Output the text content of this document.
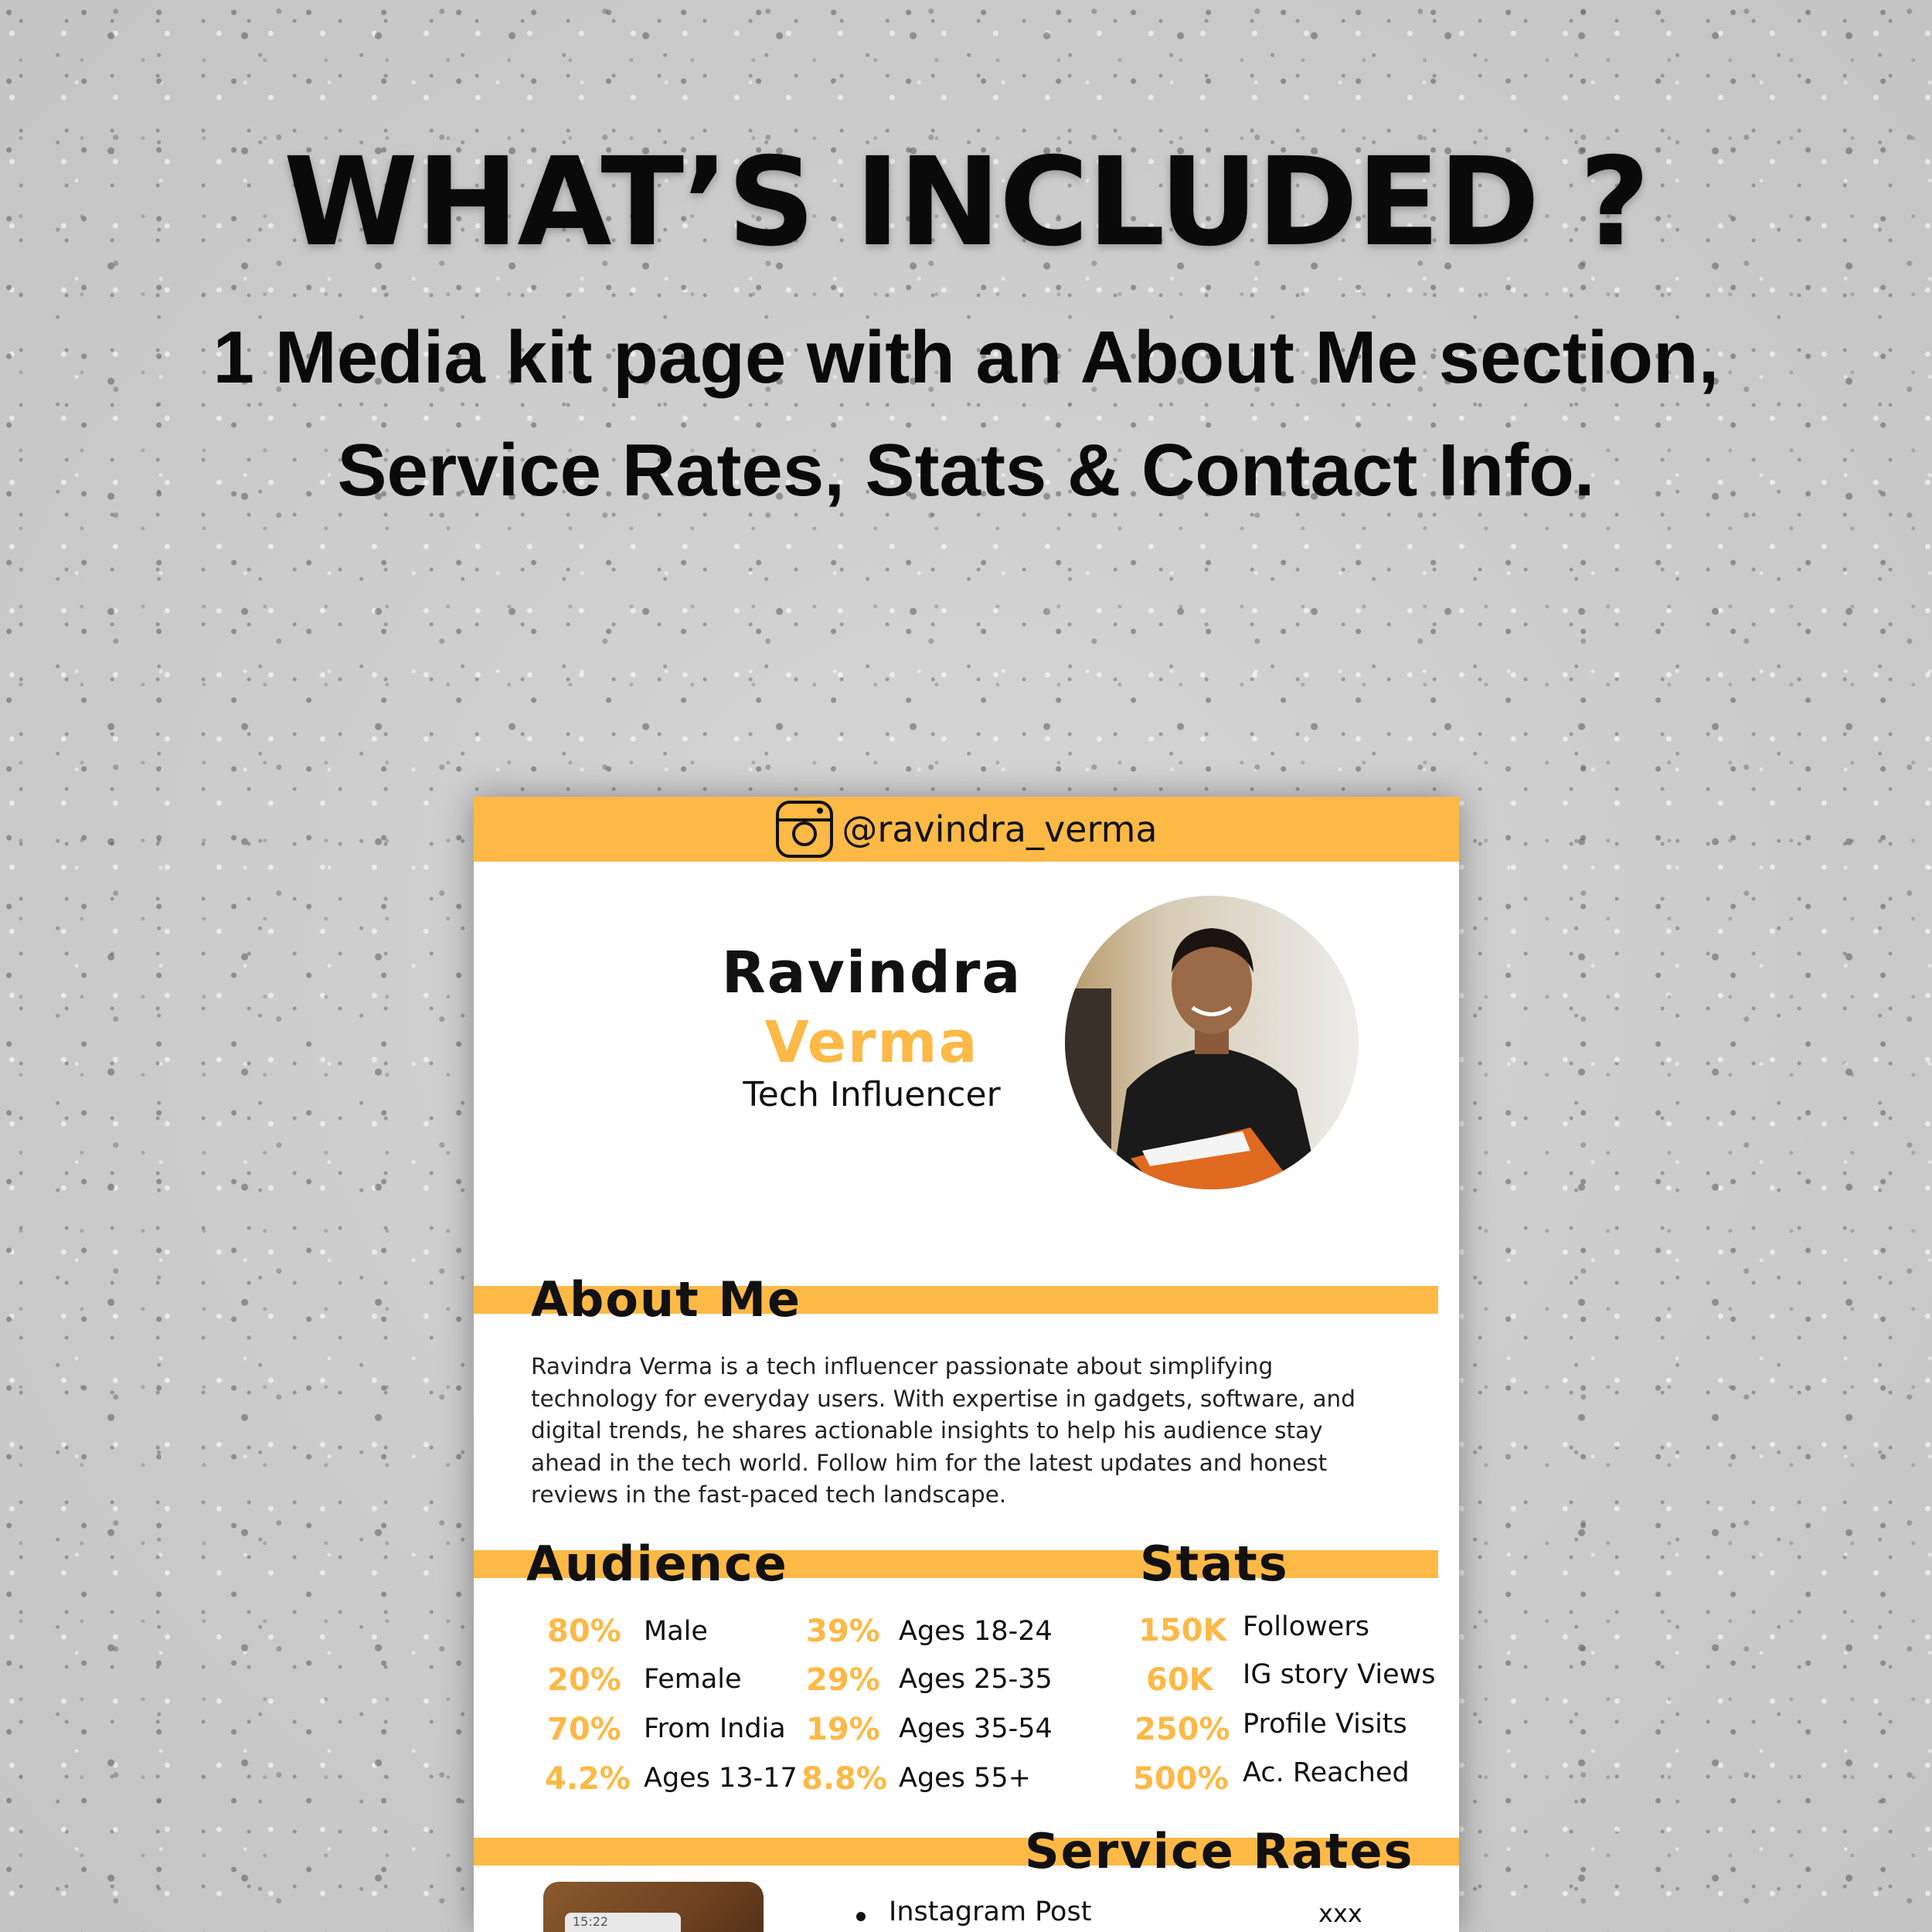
WHAT’S INCLUDED ?
1 Media kit page with an About Me section, Service Rates, Stats & Contact Info.
@ravindra_verma
Ravindra
Verma
Tech Influencer
About Me
Ravindra Verma is a tech influencer passionate about simplifying technology for everyday users. With expertise in gadgets, software, and digital trends, he shares actionable insights to help his audience stay ahead in the tech world. Follow him for the latest updates and honest reviews in the fast-paced tech landscape.
Audience	Stats
80% Male
20% Female
70% From India
4.2% Ages 13-17
39% Ages 18-24
29% Ages 25-35
19% Ages 35-54
8.8% Ages 55+
150K Followers
60K IG story Views
250% Profile Visits
500% Ac. Reached
Service Rates
15:22	Instagram Post	xxx
